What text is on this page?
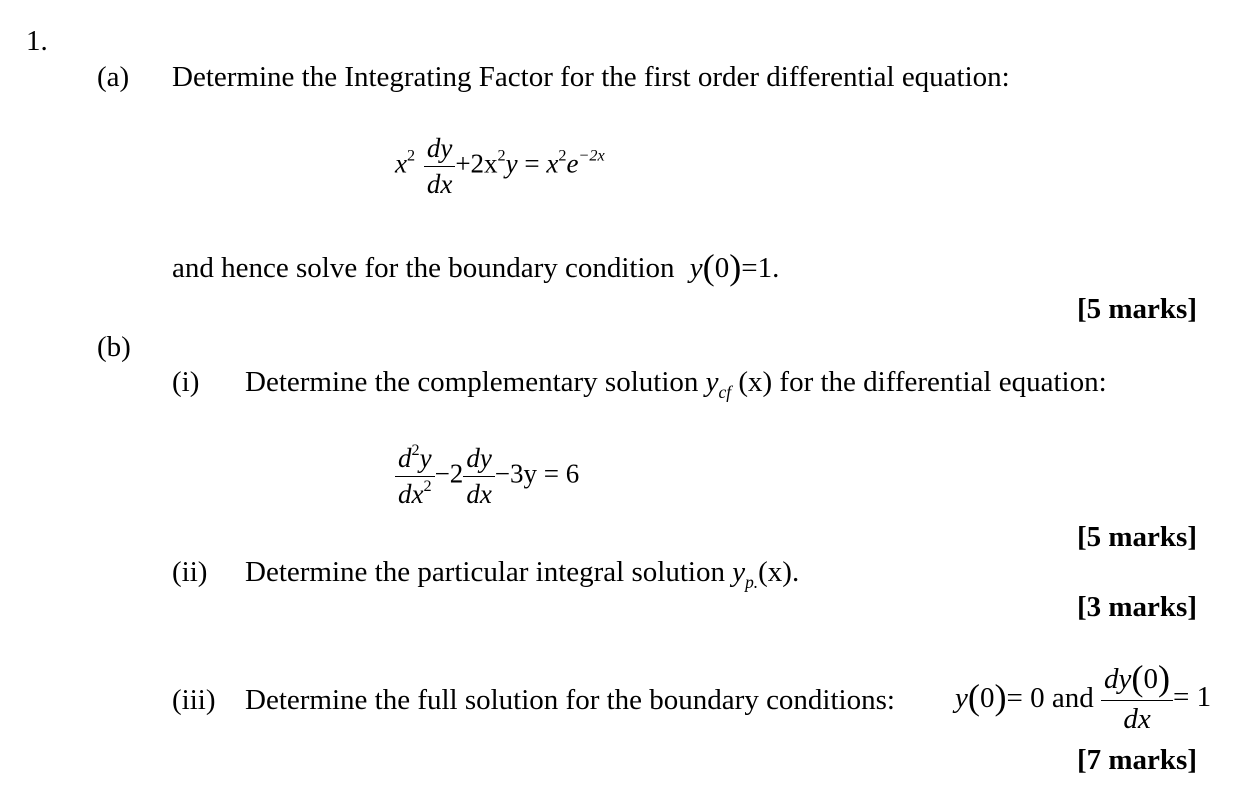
1.
(a) Determine the Integrating Factor for the first order differential equation:
$x^2 \frac{dy}{dx} +2x^2y = x^2e^{-2x}$
and hence solve for the boundary condition y(0)=1.
[5 marks]
(b)
(i) Determine the complementary solution $y_{cf}$ (x) for the differential equation:
$\frac{d^2y}{dx^2} -2 \frac{dy}{dx} -3y = 6$
[5 marks]
(ii) Determine the particular integral solution $y_{p.}(x)$.
[3 marks]
(iii) Determine the full solution for the boundary conditions: y(0)= 0 and $\frac{dy(0)}{dx} = 1$
[7 marks]
